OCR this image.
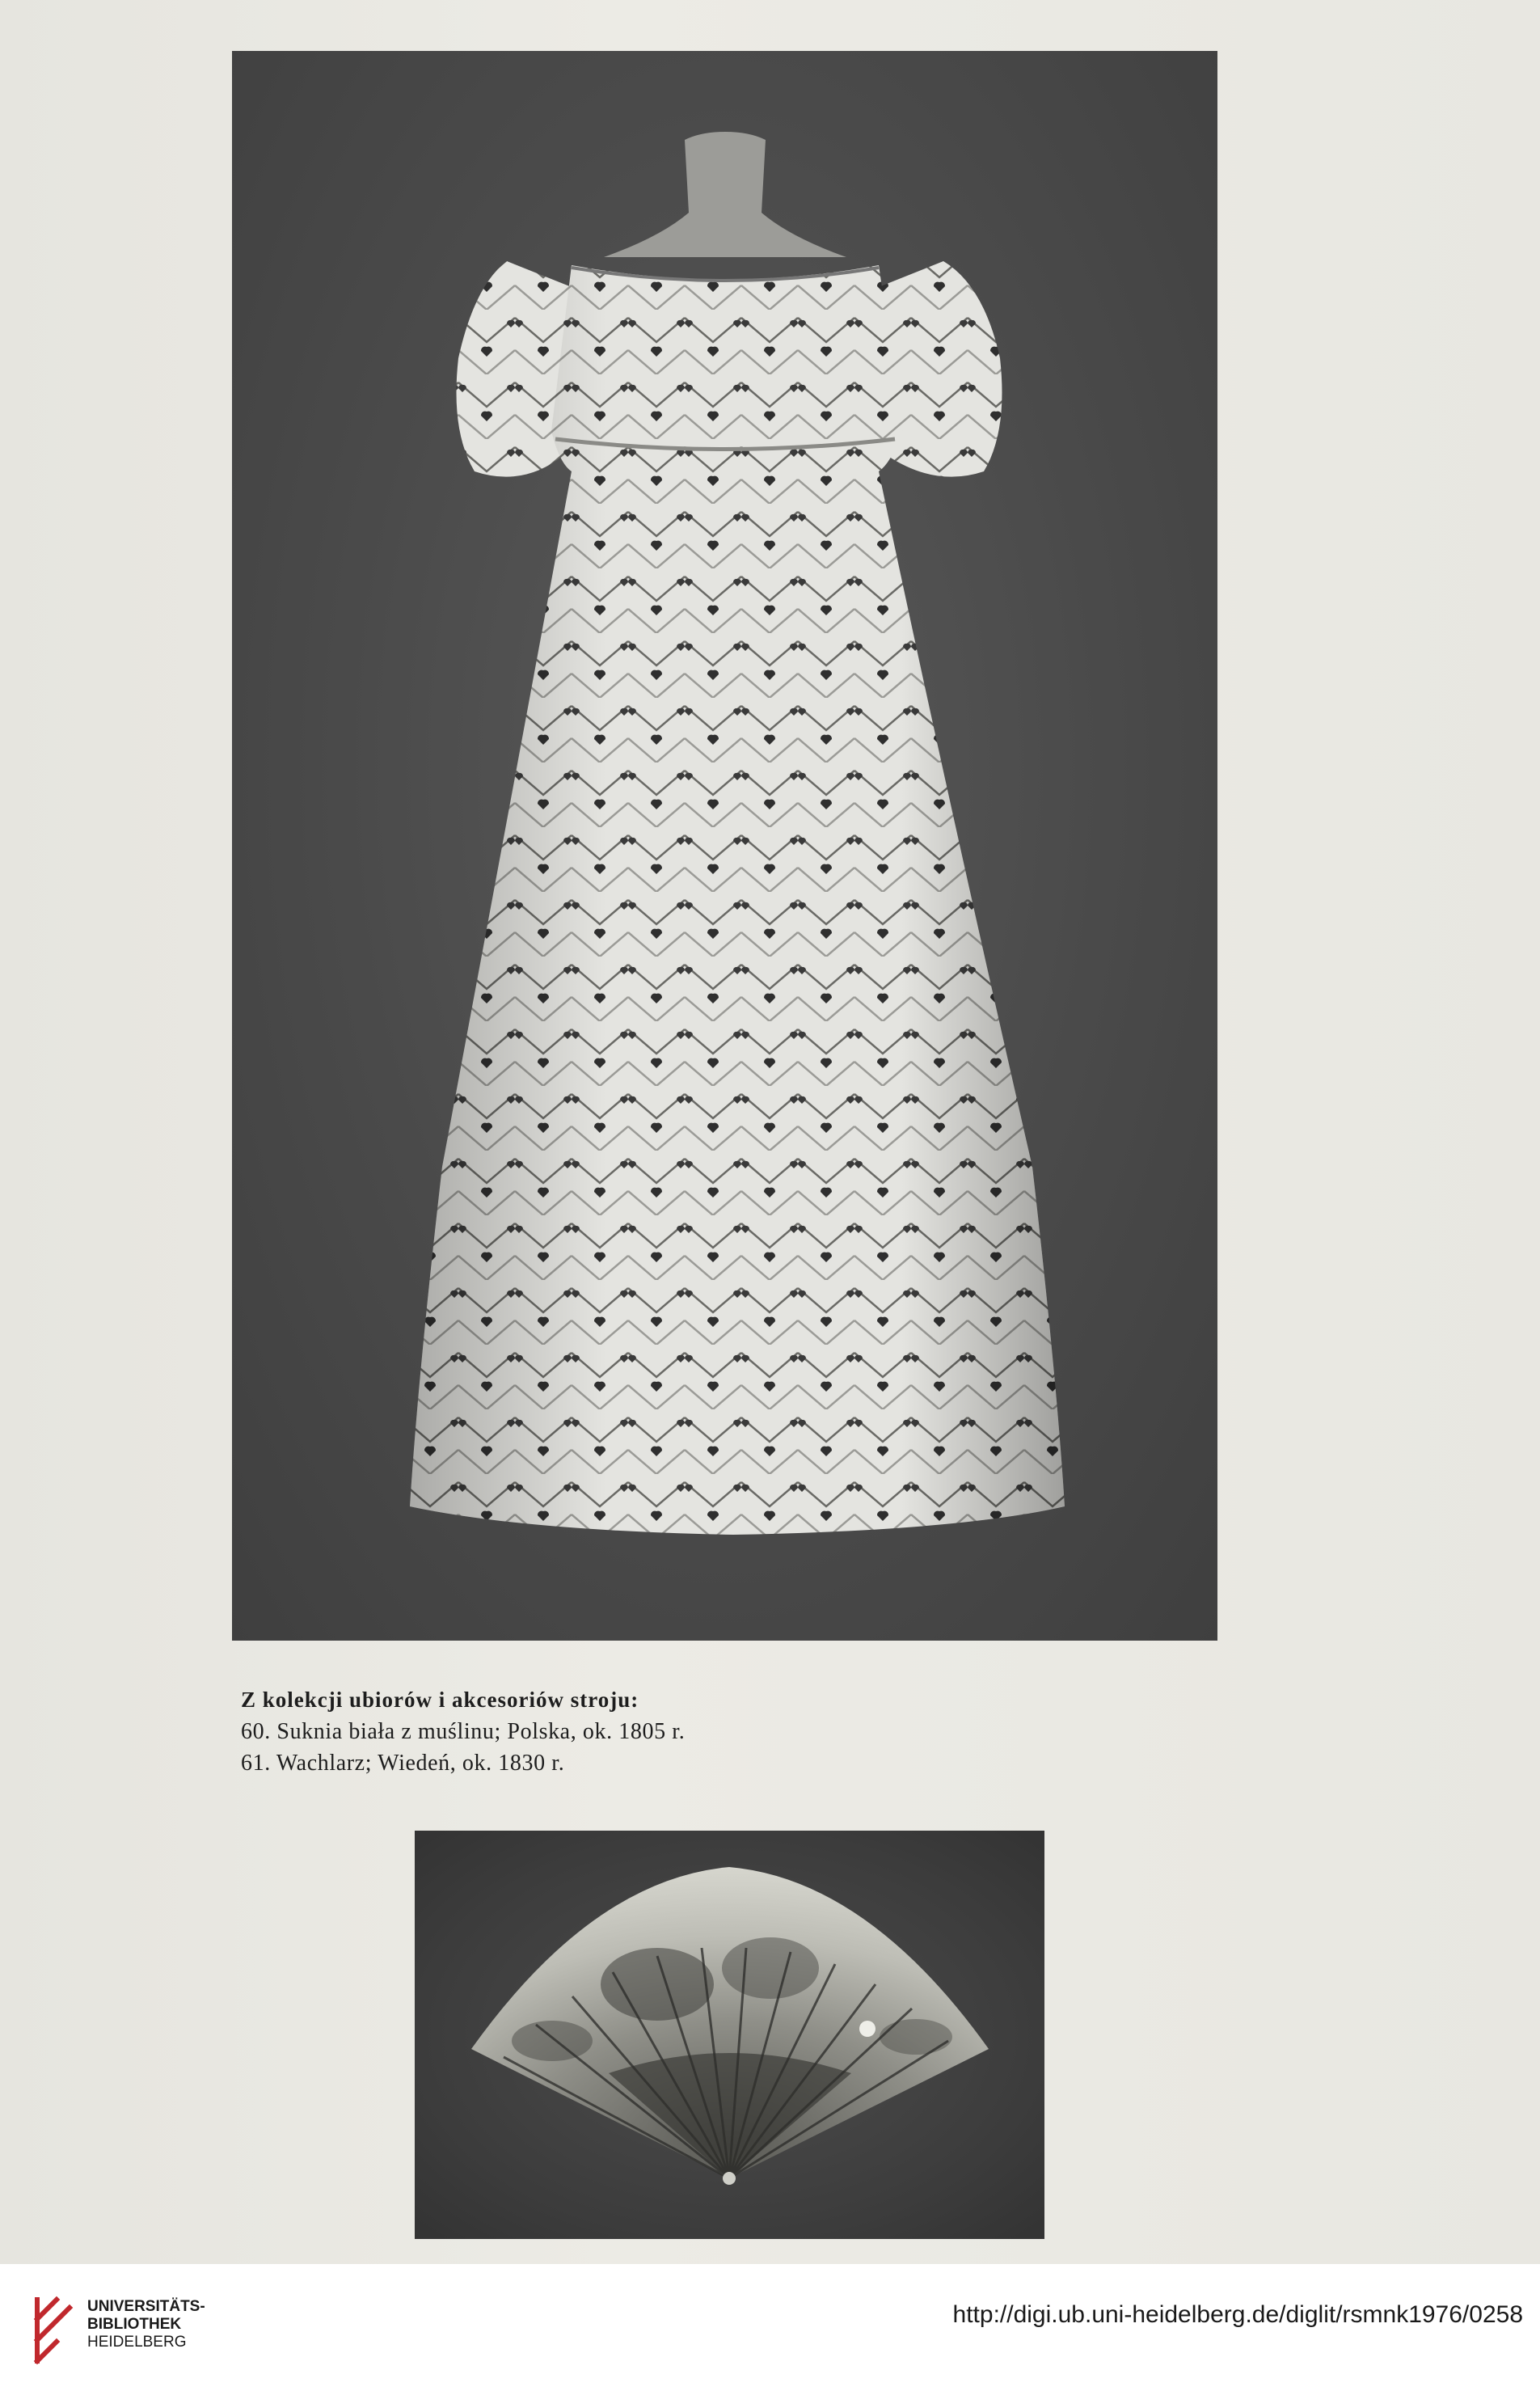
Z kolekcji ubiorów i akcesoriów stroju:
60. Suknia biała z muślinu; Polska, ok. 1805 r.
61. Wachlarz; Wiedeń, ok. 1830 r.
UNIVERSITÄTS-
BIBLIOTHEK
HEIDELBERG
http://digi.ub.uni-heidelberg.de/diglit/rsmnk1976/0258
